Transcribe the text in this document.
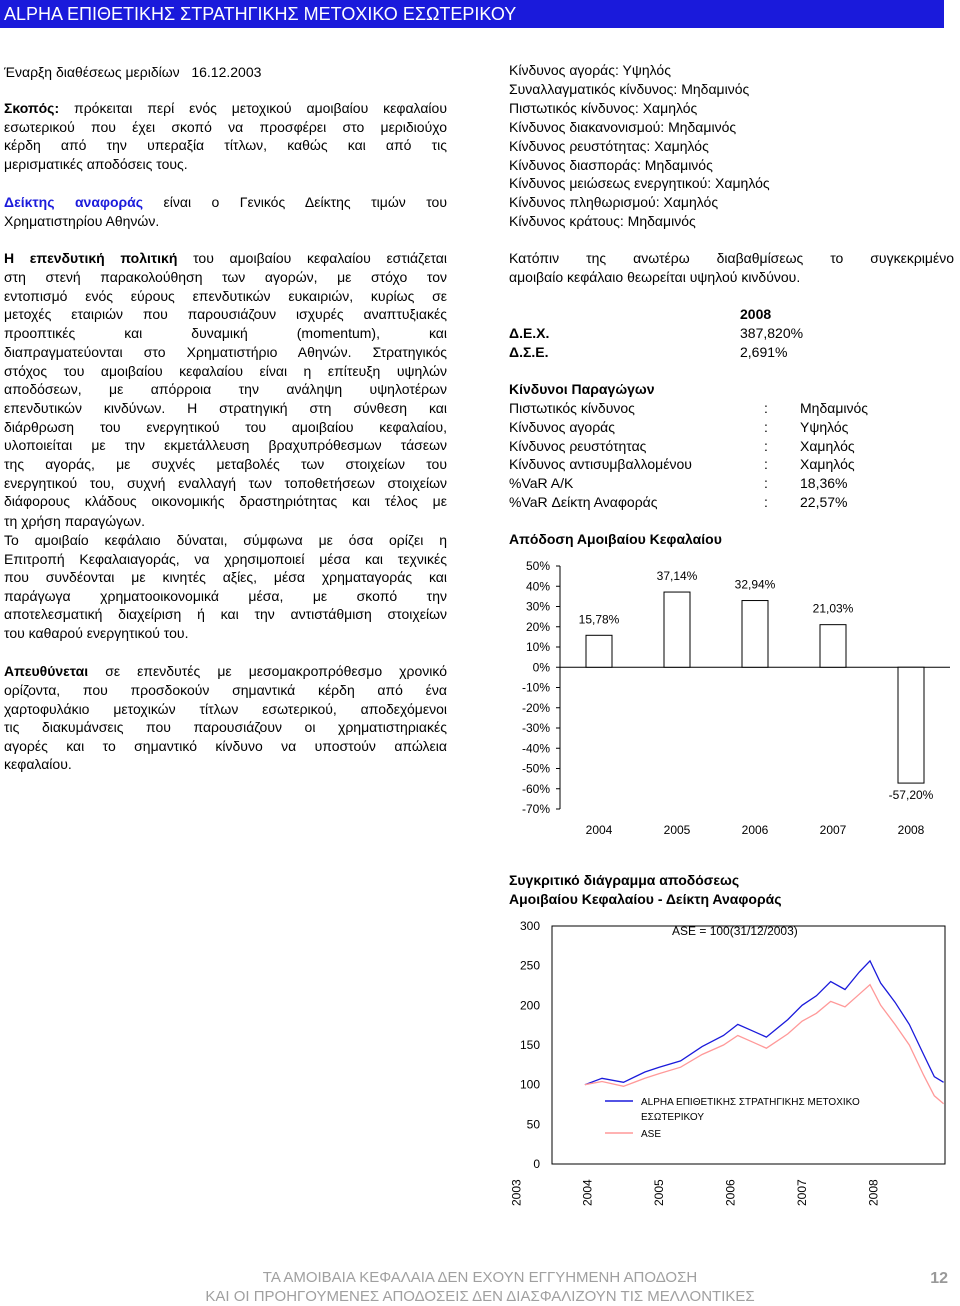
ALPHA ΕΠΙΘΕΤΙΚΗΣ ΣΤΡΑΤΗΓΙΚΗΣ ΜΕΤΟΧΙΚΟ ΕΣΩΤΕΡΙΚΟΥ
Έναρξη διαθέσεως μεριδίων 16.12.2003
Σκοπός: πρόκειται περί ενός μετοχικού αμοιβαίου κεφαλαίου
εσωτερικού που έχει σκοπό να προσφέρει στο μεριδιούχο
κέρδη από την υπεραξία τίτλων, καθώς και από τις
μερισματικές αποδόσεις τους.
Δείκτης αναφοράς είναι ο Γενικός Δείκτης τιμών του
Χρηματιστηρίου Αθηνών.
Η επενδυτική πολιτική του αμοιβαίου κεφαλαίου εστιάζεται
στη στενή παρακολούθηση των αγορών, με στόχο τον
εντοπισμό ενός εύρους επενδυτικών ευκαιριών, κυρίως σε
μετοχές εταιριών που παρουσιάζουν ισχυρές αναπτυξιακές
προοπτικές και δυναμική (momentum), και
διαπραγματεύονται στο Χρηματιστήριο Αθηνών. Στρατηγικός
στόχος του αμοιβαίου κεφαλαίου είναι η επίτευξη υψηλών
αποδόσεων, με απόρροια την ανάληψη υψηλοτέρων
επενδυτικών κινδύνων. Η στρατηγική στη σύνθεση και
διάρθρωση του ενεργητικού του αμοιβαίου κεφαλαίου,
υλοποιείται με την εκμετάλλευση βραχυπρόθεσμων τάσεων
της αγοράς, με συχνές μεταβολές των στοιχείων του
ενεργητικού του, συχνή εναλλαγή των τοποθετήσεων στοιχείων
διάφορους κλάδους οικονομικής δραστηριότητας και τέλος με
τη χρήση παραγώγων.
Το αμοιβαίο κεφάλαιο δύναται, σύμφωνα με όσα ορίζει η
Επιτροπή Κεφαλαιαγοράς, να χρησιμοποιεί μέσα και τεχνικές
που συνδέονται με κινητές αξίες, μέσα χρηματαγοράς και
παράγωγα χρηματοοικονομικά μέσα, με σκοπό την
αποτελεσματική διαχείριση ή και την αντιστάθμιση στοιχείων
του καθαρού ενεργητικού του.
Απευθύνεται σε επενδυτές με μεσομακροπρόθεσμο χρονικό
ορίζοντα, που προσδοκούν σημαντικά κέρδη από ένα
χαρτοφυλάκιο μετοχικών τίτλων εσωτερικού, αποδεχόμενοι
τις διακυμάνσεις που παρουσιάζουν οι χρηματιστηριακές
αγορές και το σημαντικό κίνδυνο να υποστούν απώλεια
κεφαλαίου.
Κίνδυνος αγοράς: Υψηλός
Συναλλαγματικός κίνδυνος: Μηδαμινός
Πιστωτικός κίνδυνος: Χαμηλός
Κίνδυνος διακανονισμού: Μηδαμινός
Κίνδυνος ρευστότητας: Χαμηλός
Κίνδυνος διασποράς: Μηδαμινός
Κίνδυνος μειώσεως ενεργητικού: Χαμηλός
Κίνδυνος πληθωρισμού: Χαμηλός
Κίνδυνος κράτους: Μηδαμινός
Κατόπιν της ανωτέρω διαβαθμίσεως το συγκεκριμένο
αμοιβαίο κεφάλαιο θεωρείται υψηλού κινδύνου.
2008
Δ.Ε.Χ.	387,820%
Δ.Σ.Ε.	2,691%
Κίνδυνοι Παραγώγων
Πιστωτικός κίνδυνος	: Μηδαμινός
Κίνδυνος αγοράς	: Υψηλός
Κίνδυνος ρευστότητας	: Χαμηλός
Κίνδυνος αντισυμβαλλομένου	: Χαμηλός
%VaR A/K	: 18,36%
%VaR Δείκτη Αναφοράς	: 22,57%
Απόδοση Αμοιβαίου Κεφαλαίου
50%
40%
30%
20%
10%
0%
-10%
-20%
-30%
-40%
-50%
-60%
-70%
15,78%
2004
37,14%
2005
32,94%
2006
21,03%
2007
-57,20%
2008
Συγκριτικό διάγραμμα αποδόσεως
Αμοιβαίου Κεφαλαίου - Δείκτη Αναφοράς
300
250
200
150
100
50
0
2003	2004	2005	2006	2007	2008
ASE = 100(31/12/2003)
ALPHA ΕΠΙΘΕΤΙΚΗΣ ΣΤΡΑΤΗΓΙΚΗΣ ΜΕΤΟΧΙΚΟ
ΕΣΩΤΕΡΙΚΟΥ
ASE
ΤΑ ΑΜΟΙΒΑΙΑ ΚΕΦΑΛΑΙΑ ΔΕΝ ΕΧΟΥΝ ΕΓΓΥΗΜΕΝΗ ΑΠΟΔΟΣΗ
ΚΑΙ ΟΙ ΠΡΟΗΓΟΥΜΕΝΕΣ ΑΠΟΔΟΣΕΙΣ ΔΕΝ ΔΙΑΣΦΑΛΙΖΟΥΝ ΤΙΣ ΜΕΛΛΟΝΤΙΚΕΣ
12
